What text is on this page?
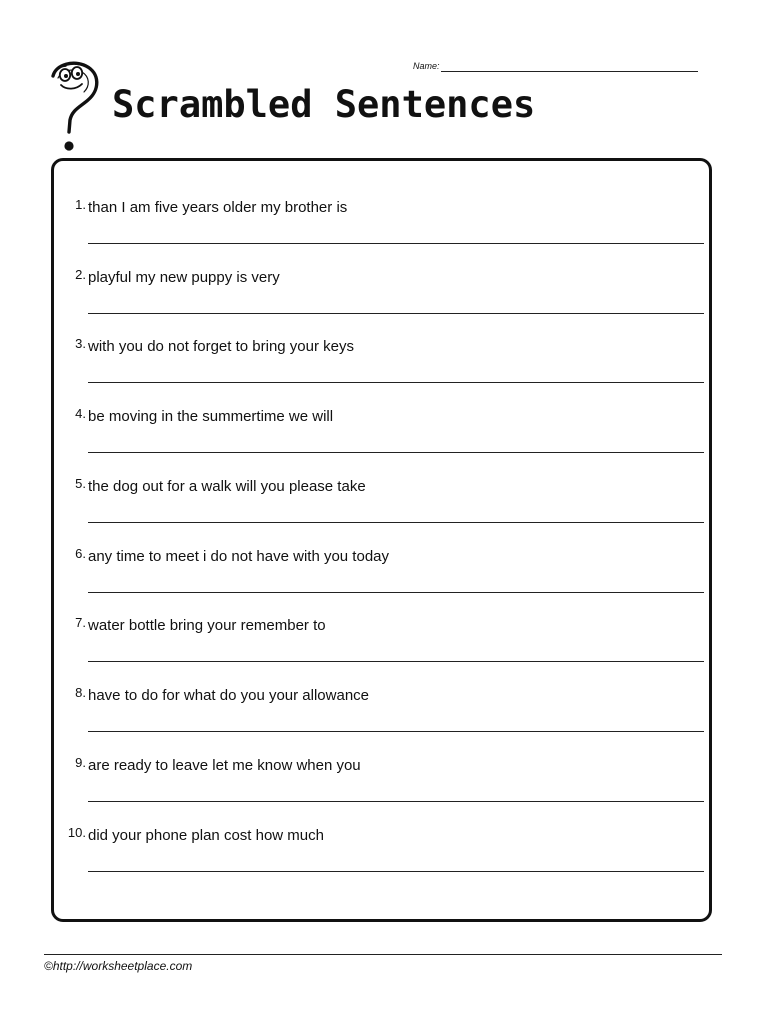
Name:
Scrambled Sentences
1. than I am five years older my brother is
2. playful my new puppy is very
3. with you do not forget to bring your keys
4. be moving in the summertime we will
5. the dog out for a walk will you please take
6. any time to meet i do not have with you today
7. water bottle bring your remember to
8. have to do for what do you your allowance
9. are ready to leave let me know when you
10. did your phone plan cost how much
©http://worksheetplace.com
